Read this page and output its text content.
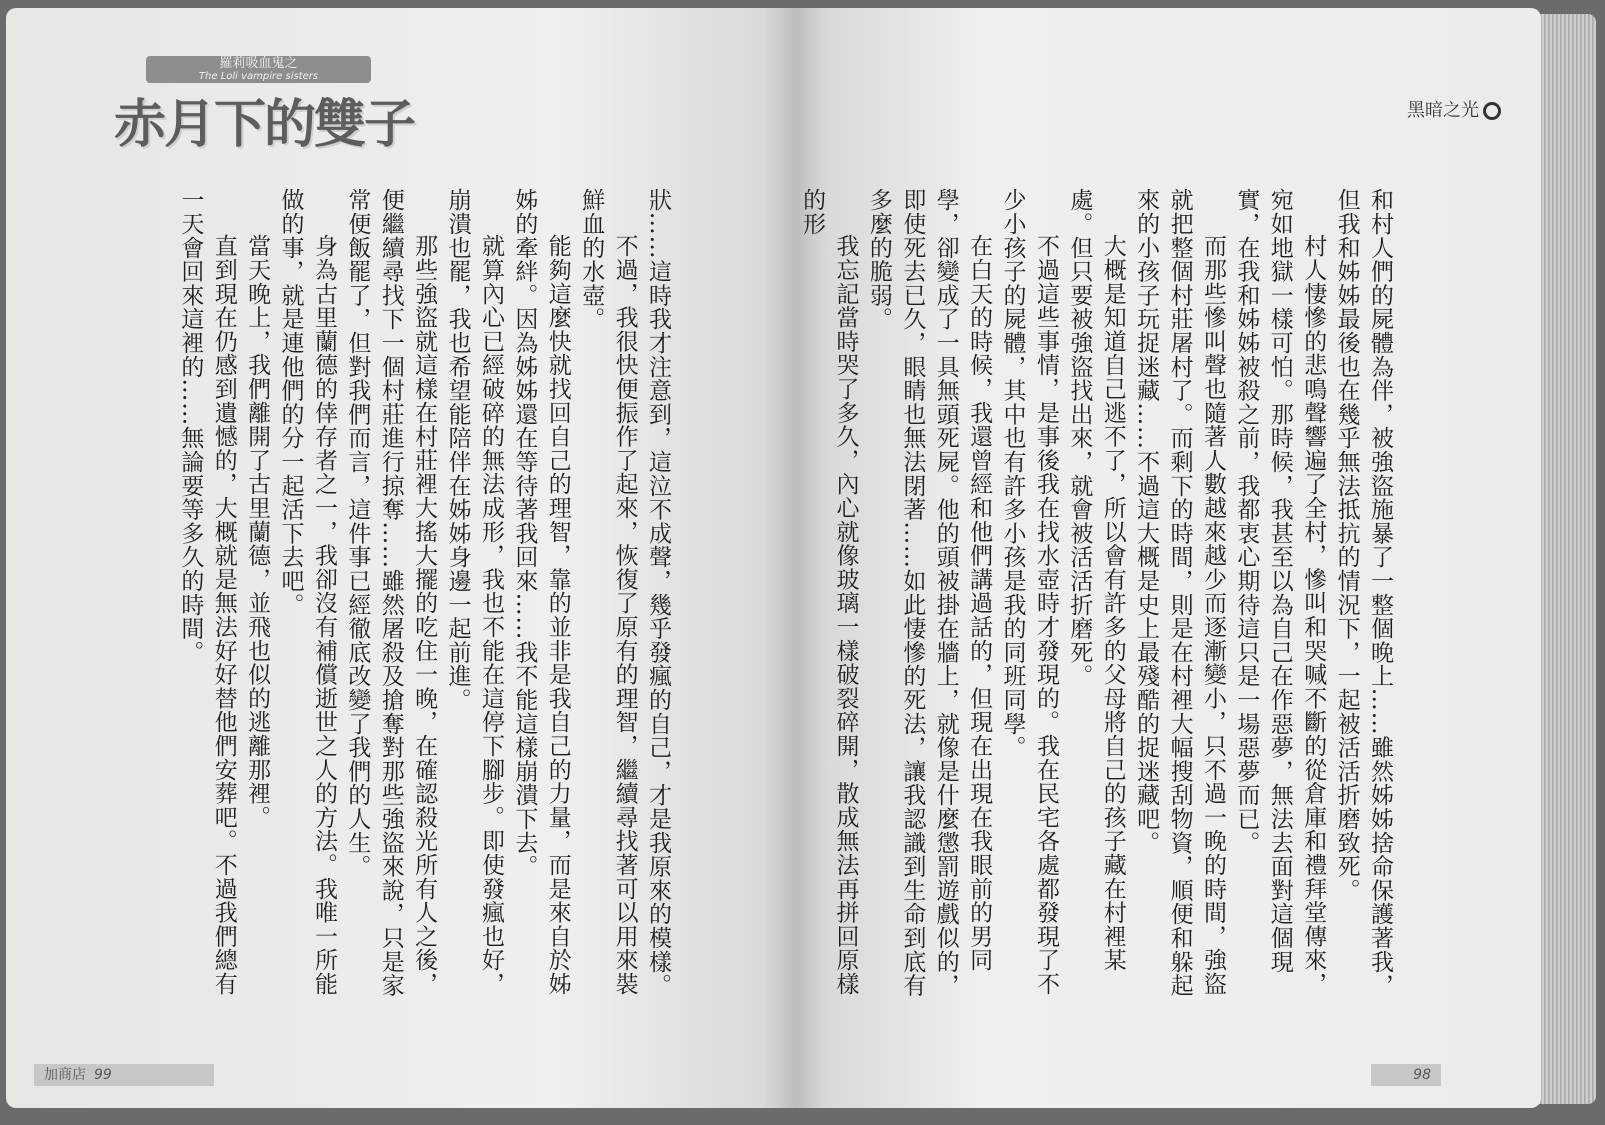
羅莉吸血鬼之
The Loli vampire sisters
赤月下的雙子

狀……這時我才注意到，這泣不成聲，幾乎發瘋的自己，才是我原來的模樣。

不過，我很快便振作了起來，恢復了原有的理智，繼續尋找著可以用來裝鮮血的水壺。

能夠這麼快就找回自己的理智，靠的並非是我自己的力量，而是來自於姊姊的牽絆。因為姊姊還在等待著我回來……我不能這樣崩潰下去。

就算內心已經破碎的無法成形，我也不能在這停下腳步。即使發瘋也好，崩潰也罷，我也希望能陪伴在姊姊身邊一起前進。

那些強盜就這樣在村莊裡大搖大擺的吃住一晚，在確認殺光所有人之後，便繼續尋找下一個村莊進行掠奪……雖然屠殺及搶奪對那些強盜來說，只是家常便飯罷了，但對我們而言，這件事已經徹底改變了我們的人生。

身為古里蘭德的倖存者之一，我卻沒有補償逝世之人的方法。我唯一所能做的事，就是連他們的分一起活下去吧。

當天晚上，我們離開了古里蘭德，並飛也似的逃離那裡。

直到現在仍感到遺憾的，大概就是無法好好替他們安葬吧。不過我們總有一天會回來這裡的……無論要等多久的時間。

加商店 99
黑暗之光

和村人們的屍體為伴，被強盜施暴了一整個晚上……雖然姊姊捨命保護著我，但我和姊姊最後也在幾乎無法抵抗的情況下，一起被活活折磨致死。

村人悽慘的悲鳴聲響遍了全村，慘叫和哭喊不斷的從倉庫和禮拜堂傳來，宛如地獄一樣可怕。那時候，我甚至以為自己在作惡夢，無法去面對這個現實，在我和姊姊被殺之前，我都衷心期待這只是一場惡夢而已。

而那些慘叫聲也隨著人數越來越少而逐漸變小，只不過一晚的時間，強盜就把整個村莊屠村了。而剩下的時間，則是在村裡大幅搜刮物資，順便和躲起來的小孩子玩捉迷藏……不過這大概是史上最殘酷的捉迷藏吧。

大概是知道自己逃不了，所以會有許多的父母將自己的孩子藏在村裡某處。但只要被強盜找出來，就會被活活折磨死。

不過這些事情，是事後我在找水壺時才發現的。我在民宅各處都發現了不少小孩子的屍體，其中也有許多小孩是我的同班同學。

在白天的時候，我還曾經和他們講過話的，但現在出現在我眼前的男同學，卻變成了一具無頭死屍。他的頭被掛在牆上，就像是什麼懲罰遊戲似的，即使死去已久，眼睛也無法閉著……如此悽慘的死法，讓我認識到生命到底有多麼的脆弱。

我忘記當時哭了多久，內心就像玻璃一樣破裂碎開，散成無法再拼回原樣的形

98
